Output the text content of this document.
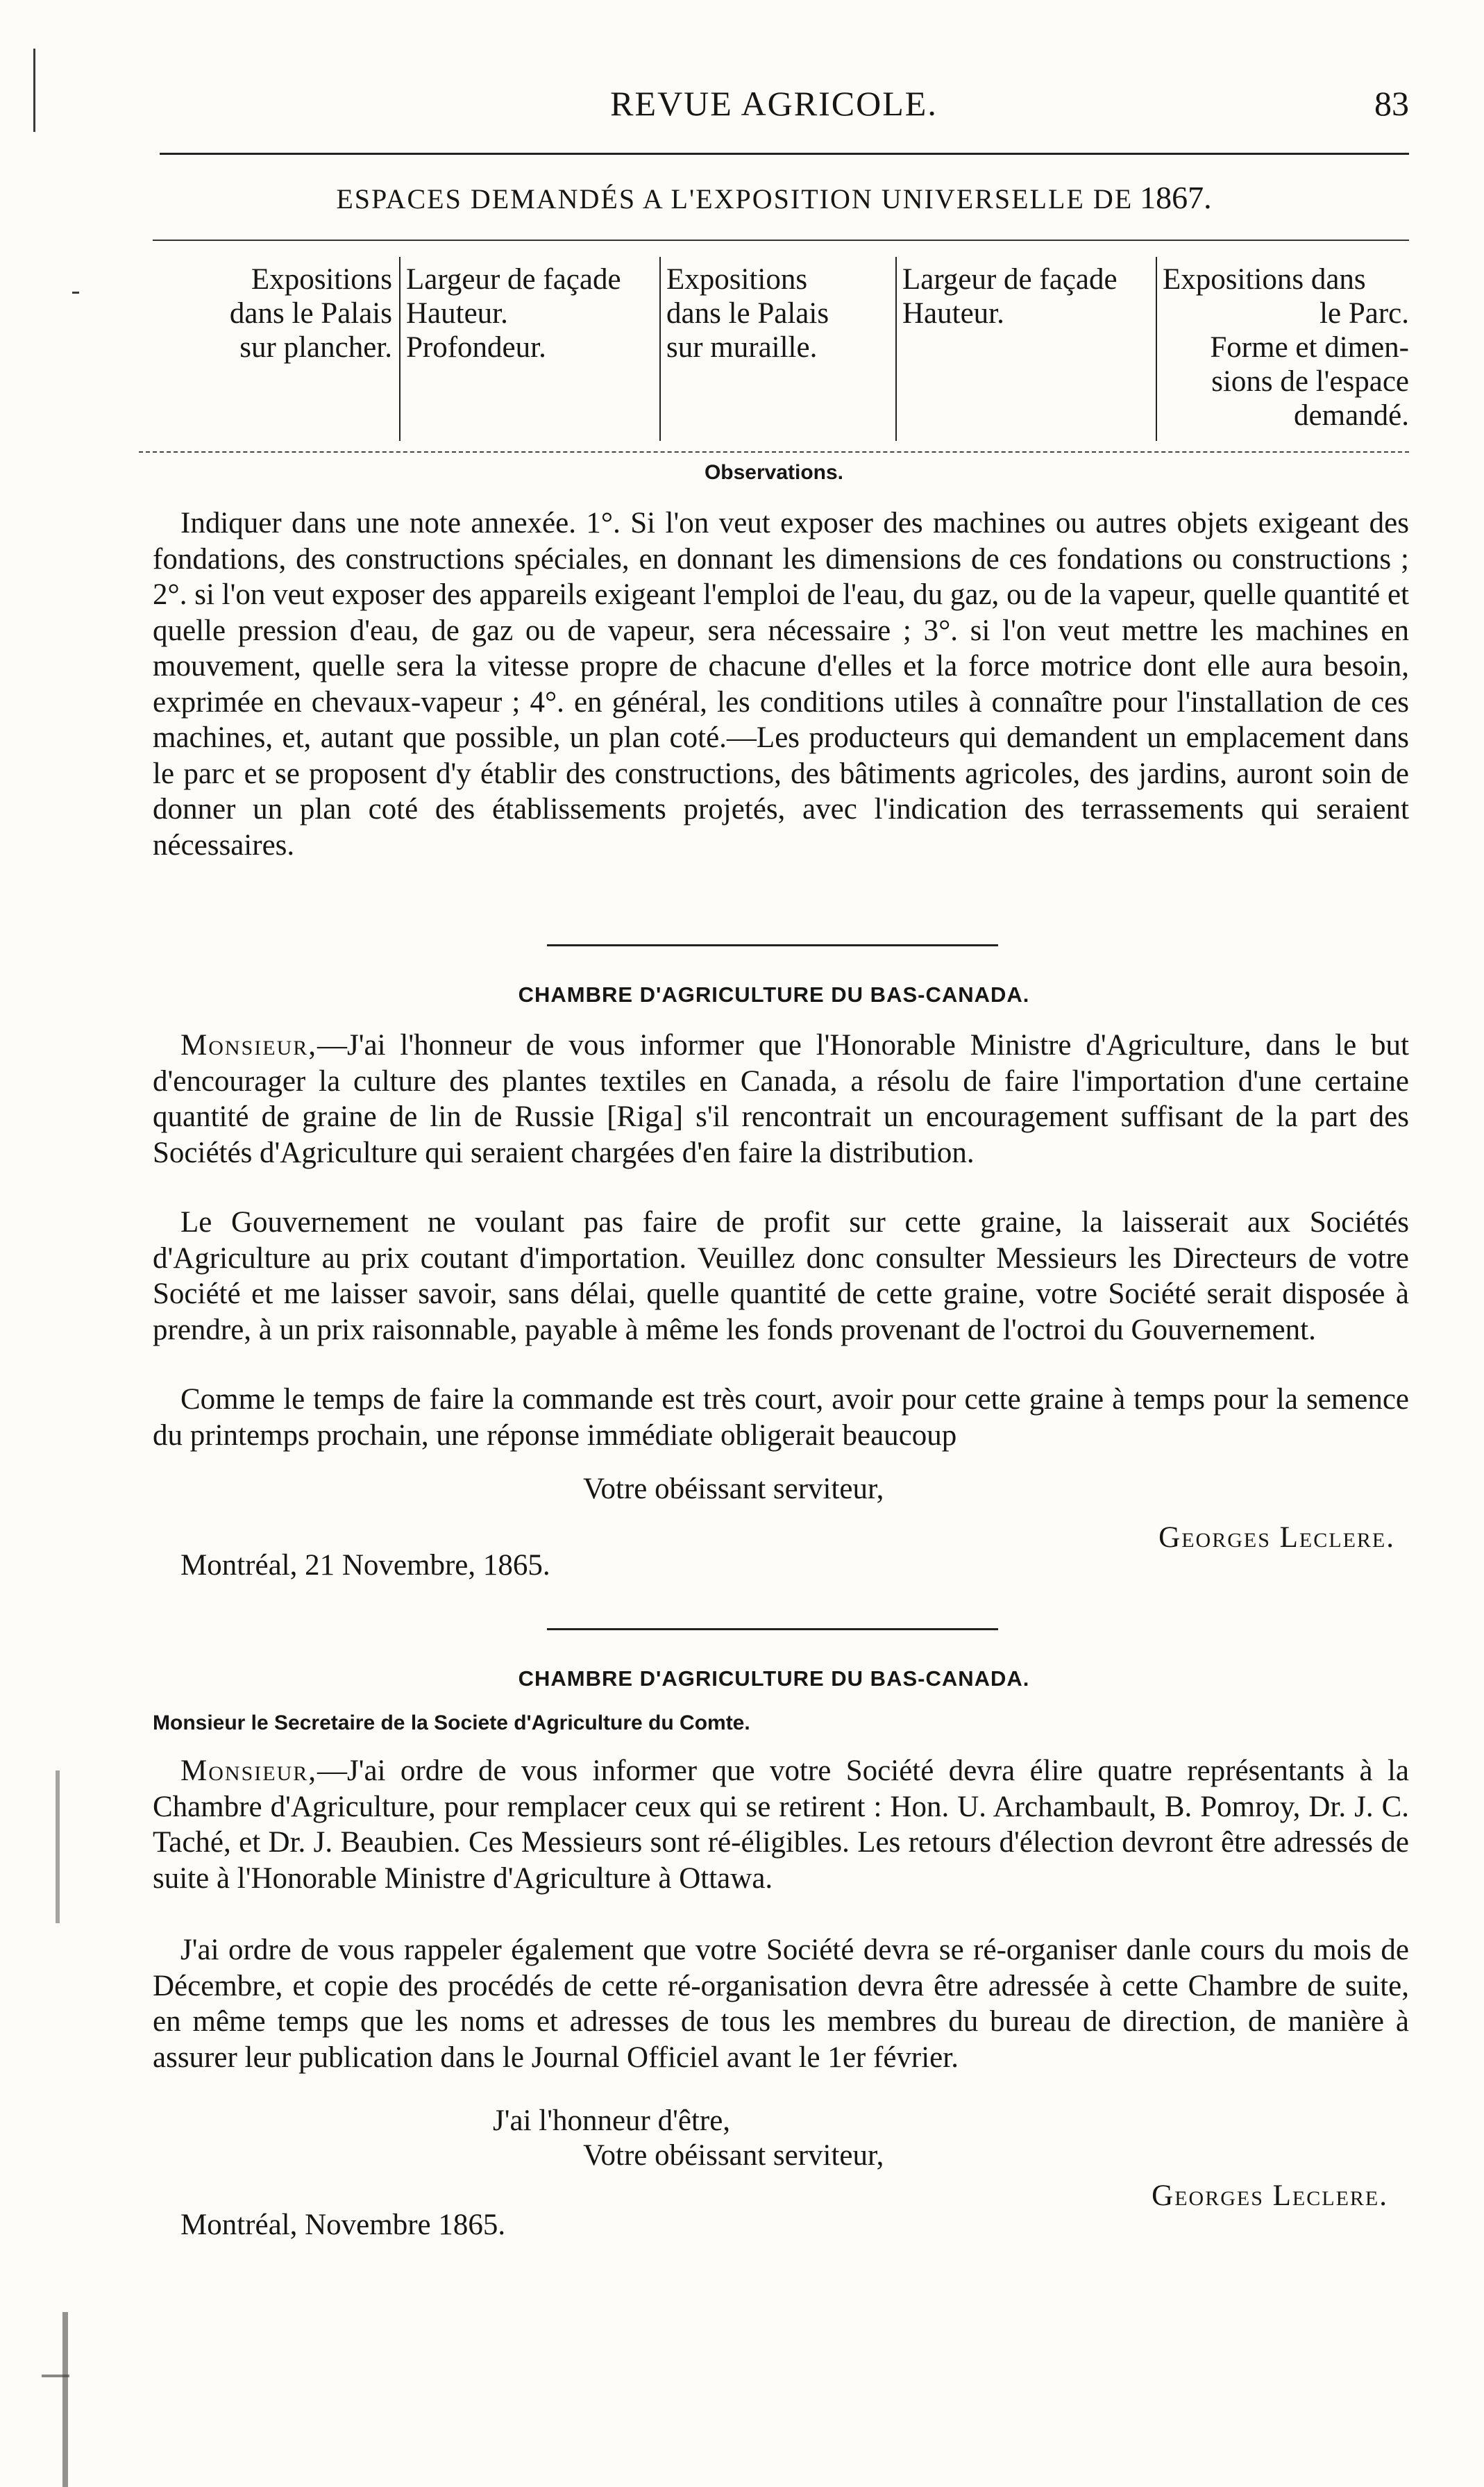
REVUE AGRICOLE.	83
ESPACES DEMANDÉS A L'EXPOSITION UNIVERSELLE DE 1867.
Expositions
dans le Palais
sur plancher.
Largeur de façade
Hauteur.
Profondeur.
Expositions
dans le Palais
sur muraille.
Largeur de façade
Hauteur.
Expositions dans
le Parc.
Forme et dimen-
sions de l'espace
demandé.
Observations.

Indiquer dans une note annexée. 1°. Si l'on veut exposer des machines ou autres objets exigeant des fondations, des constructions spéciales, en donnant les dimensions de ces fondations ou constructions ; 2°. si l'on veut exposer des appareils exigeant l'emploi de l'eau, du gaz, ou de la vapeur, quelle quantité et quelle pression d'eau, de gaz ou de vapeur, sera nécessaire ; 3°. si l'on veut mettre les machines en mouvement, quelle sera la vitesse propre de chacune d'elles et la force motrice dont elle aura besoin, exprimée en chevaux-vapeur ; 4°. en général, les conditions utiles à connaître pour l'installation de ces machines, et, autant que possible, un plan coté.—Les producteurs qui demandent un emplacement dans le parc et se proposent d'y établir des constructions, des bâtiments agricoles, des jardins, auront soin de donner un plan coté des établissements projetés, avec l'indication des terrassements qui seraient nécessaires.

CHAMBRE D'AGRICULTURE DU BAS-CANADA.

Monsieur,—J'ai l'honneur de vous informer que l'Honorable Ministre d'Agriculture, dans le but d'encourager la culture des plantes textiles en Canada, a résolu de faire l'importation d'une certaine quantité de graine de lin de Russie [Riga] s'il rencontrait un encouragement suffisant de la part des Sociétés d'Agriculture qui seraient chargées d'en faire la distribution.

Le Gouvernement ne voulant pas faire de profit sur cette graine, la laisserait aux Sociétés d'Agriculture au prix coutant d'importation. Veuillez donc consulter Messieurs les Directeurs de votre Société et me laisser savoir, sans délai, quelle quantité de cette graine, votre Société serait disposée à prendre, à un prix raisonnable, payable à même les fonds provenant de l'octroi du Gouvernement.

Comme le temps de faire la commande est très court, avoir pour cette graine à temps pour la semence du printemps prochain, une réponse immédiate obligerait beaucoup

Votre obéissant serviteur,
Georges Leclere.
Montréal, 21 Novembre, 1865.
CHAMBRE D'AGRICULTURE DU BAS-CANADA.
Monsieur le Secretaire de la Societe d'Agriculture du Comte.

Monsieur,—J'ai ordre de vous informer que votre Société devra élire quatre représentants à la Chambre d'Agriculture, pour remplacer ceux qui se retirent : Hon. U. Archambault, B. Pomroy, Dr. J. C. Taché, et Dr. J. Beaubien. Ces Messieurs sont ré-éligibles. Les retours d'élection devront être adressés de suite à l'Honorable Ministre d'Agriculture à Ottawa.

J'ai ordre de vous rappeler également que votre Société devra se ré-organiser danle cours du mois de Décembre, et copie des procédés de cette ré-organisation devra être adressée à cette Chambre de suite, en même temps que les noms et adresses de tous les membres du bureau de direction, de manière à assurer leur publication dans le Journal Officiel avant le 1er février.

J'ai l'honneur d'être,
Votre obéissant serviteur,
Georges Leclere.
Montréal, Novembre 1865.
